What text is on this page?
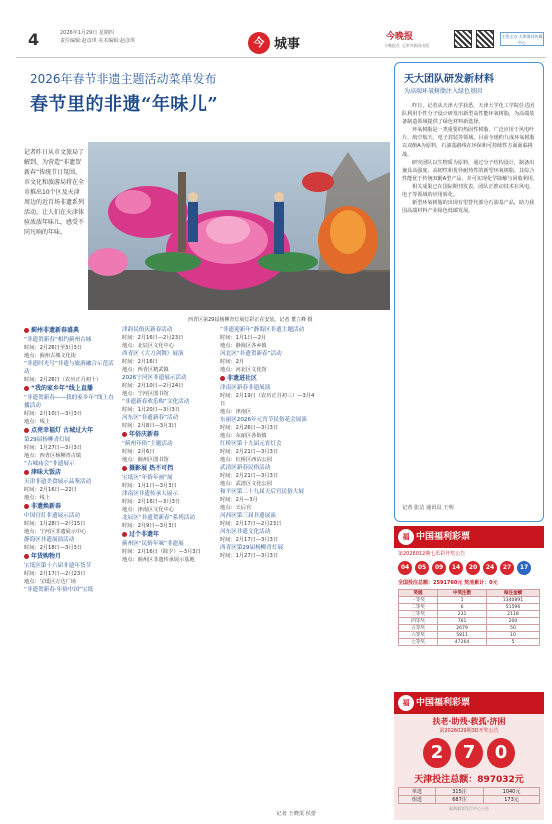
4	2026年1月29日 星期四
责任编辑:赵彦琪 美术编辑:赵彦琪	今 城事	今晚报
今晚报社 天津市新闻出版
主管主办 天津海河传媒中心
2026年春节非遗主题活动菜单发布
春节里的非遗“年味儿”
记者昨日从市文旅局了解到，为营造“非遗贺新春”传统节日氛围，市文化和旅游局将在全市推出10个区及天津周边的近百场非遗系列活动，让人们在天津体验浓浓年味儿，感受不同凡响的年味。
西青区第29届杨柳青灯展灯彩正在安装。记者 董立峰 摄
蓟州非遗新春盛典
“非遗贺新春”相约蓟州古城
时间：2月26日至3月3日
地点：蓟州古城文化街
“非遗时光号”非遗与旅游融合示范活动
时间：2月26日（农历正月初十）
“我的家乡年”线上直播
“非遗贺新春——我的家乡年”线上直播活动
时间：2月10日—3月3日
地点：线上
点亮幸福灯 古城过大年
第29届杨柳青灯展
时间：1月27日—3月3日
地点：西青区杨柳青古镇
“古城庙会”非遗展示
津味大饭店
天津非遗美食展示品鉴活动
时间：2月16日—22日
地点：线上
非遗焕新春
中国宫灯非遗展示活动
时间：1月28日—2月15日
地点：宁河区非遗展示中心
静海区非遗展演活动
时间：2月18日—3月3日
年货购物月
宝坻区第十六届非遗年货节
时间：2月17日—2月23日
地点：宝坻区万达广场
“非遗贺新春·年俗中国”宝坻
津韵民俗庆新春活动
时间：2月16日—2月23日
地点：北辰区文化中心
西青区《大刀剑舞》展演
时间：2月16日
地点：西青区精武镇
2026宁河区非遗展示活动
时间：2月10日—2月24日
地点：宁河区图书馆
“非遗新春欢乐购”文化活动
时间：1月20日—3月3日
河东区“非遗新春”活动
时间：2月8日—3月3日
年俗庆新春
“蓟州年俗”主题活动
时间：2月6日
地点：蓟州区图书馆
摄影展 热不可挡
宝坻区“年俗年画”展
时间：1月1日—3月3日
津南区非遗传承人展示
时间：2月16日—3月3日
地点：津南区文化中心
北辰区“非遗贺新春”系列活动
时间：2月9日—3月3日
过个非遗年
蓟州区“民俗年味”非遗展
时间：2月16日（除夕）—3月3日
地点：蓟州区非遗传承展示基地
“非遗迎新年”静海区非遗主题活动
时间：1月1日—2月
地点：静海区各乡镇
河北区“非遗贺新春”活动
时间：2月
地点：河北区文化馆
非遗进社区
津南区新春非遗展演
时间：2月19日（农历正月初三）—3月4日
地点：津南区
东丽区2026年元宵节民俗花会展演
时间：2月26日—3月3日
地点：东丽区各街镇
红桥区第十九届元宵灯会
时间：2月21日—3月3日
地点：红桥区西沽公园
武清区新春民俗活动
时间：2月21日—3月3日
地点：武清区文化公园
和平区第二十九届天后宫民俗大展
时间：2月—3月
地点：天后宫
河西区第三届非遗展演
时间：2月17日—2月23日
河东区非遗文化活动
时间：2月17日—3月3日
西青区第29届杨柳青灯展
时间：1月27日—3月3日
记者 王晓雯 侯蕾
天大团队研发新材料
为高端环氧树脂注入绿色基因

昨日，记者从天津大学获悉，天津大学化工学院任达团队利用手性分子设计研发出新型高性能环氧树脂，为高端装备制造领域提供了绿色材料新选择。

环氧树脂是一类重要的热固性树脂，广泛应用于风电叶片、航空航天、电子封装等领域。目前全球约九成环氧树脂以双酚A为原料，石油基路线在环保和可持续性方面面临挑战。

研究团队以生物质为原料，通过分子结构设计，制备出兼具高强度、高韧性和优异耐热性的新型环氧树脂，其综合性能优于传统双酚A型产品，并可实现化学降解与回收利用。

相关成果已在国际期刊发表，团队正推动技术在风电、电子等领域的应用转化。

新型环氧树脂的出现有望替代部分石油基产品，助力我国高端材料产业绿色低碳发展。

记者 张洁 通讯员 王明
福 中国福利彩票
第2026012期七乐彩开奖公告
04	05	09	14	20	24	27	17
全国投注总额：2591760元 奖池累计：0元
奖级	中奖注数	每注金额
一等奖	1	1340891
二等奖	6	51596
三等奖	231	2118
四等奖	761	200
五等奖	2679	50
六等奖	5811	10
七等奖	47264	5
福 中国福利彩票
扶老·助残·救孤·济困
第2026029期3D开奖公告
2	7	0
天津投注总额：897032元
单选	315注	1040元
组选	687注	173元
福利彩票发行中心公告
